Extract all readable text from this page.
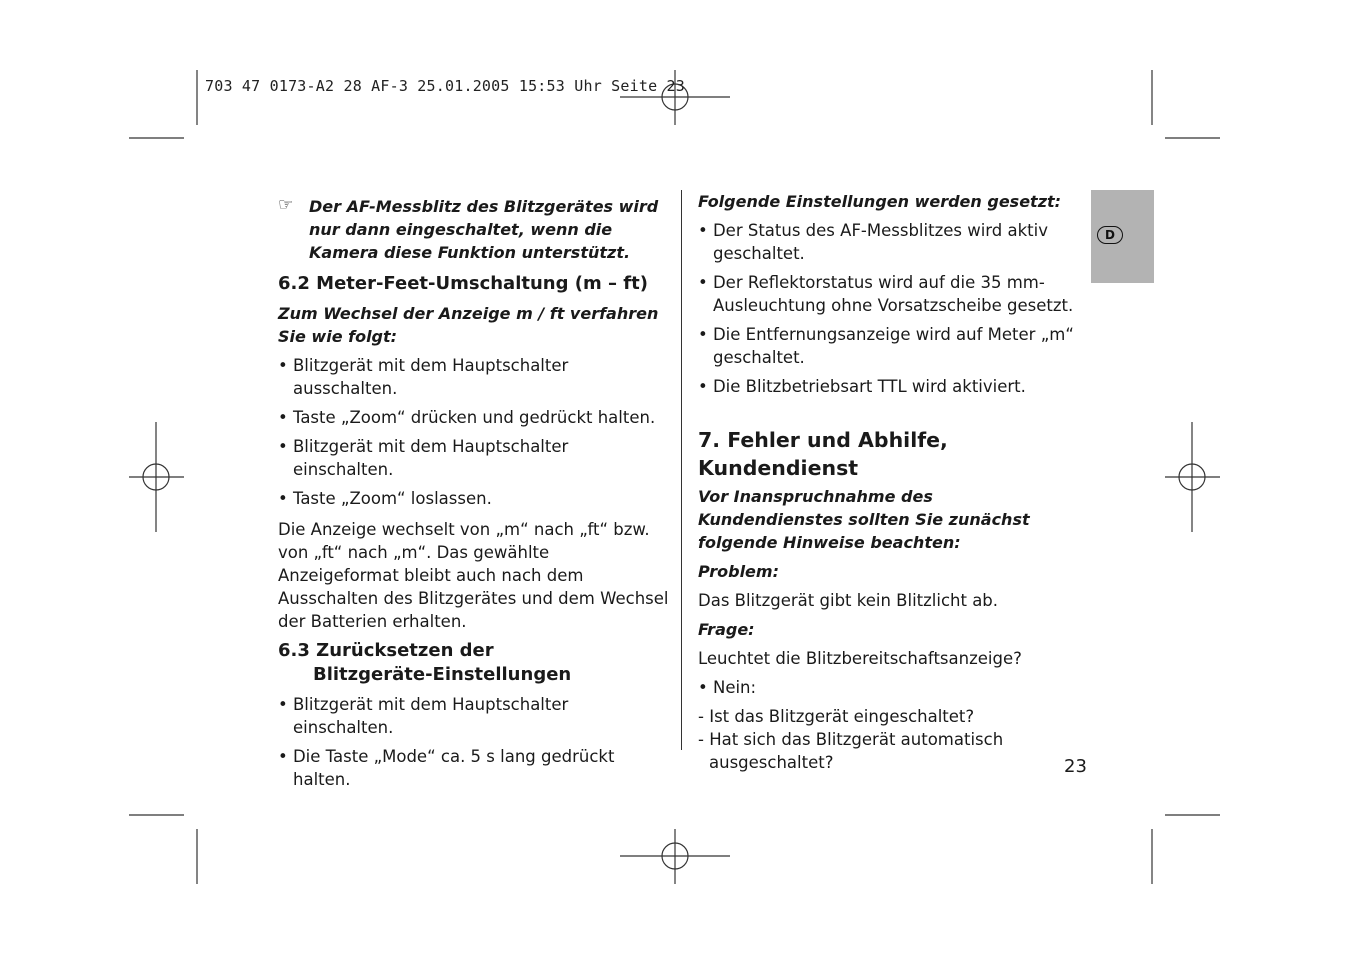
703 47 0173-A2 28 AF-3 25.01.2005 15:53 Uhr Seite 23
D
☞ Der AF-Messblitz des Blitzgerätes wird nur dann eingeschaltet, wenn die Kamera diese Funktion unterstützt.

6.2 Meter-Feet-Umschaltung (m – ft)

Zum Wechsel der Anzeige m / ft verfahren Sie wie folgt:

• Blitzgerät mit dem Hauptschalter ausschalten.

• Taste „Zoom“ drücken und gedrückt halten.

• Blitzgerät mit dem Hauptschalter einschalten.

• Taste „Zoom“ loslassen.

Die Anzeige wechselt von „m“ nach „ft“ bzw. von „ft“ nach „m“. Das gewählte Anzeigeformat bleibt auch nach dem Ausschalten des Blitzgerätes und dem Wechsel der Batterien erhalten.

6.3 Zurücksetzen der
Blitzgeräte-Einstellungen

• Blitzgerät mit dem Hauptschalter einschalten.

• Die Taste „Mode“ ca. 5 s lang gedrückt halten.

Folgende Einstellungen werden gesetzt:

• Der Status des AF-Messblitzes wird aktiv geschaltet.

• Der Reflektorstatus wird auf die 35 mm-Ausleuchtung ohne Vorsatzscheibe gesetzt.

• Die Entfernungsanzeige wird auf Meter „m“ geschaltet.

• Die Blitzbetriebsart TTL wird aktiviert.

7. Fehler und Abhilfe, Kundendienst

Vor Inanspruchnahme des Kundendienstes sollten Sie zunächst folgende Hinweise beachten:

Problem:

Das Blitzgerät gibt kein Blitzlicht ab.

Frage:

Leuchtet die Blitzbereitschaftsanzeige?

• Nein:

- Ist das Blitzgerät eingeschaltet?

- Hat sich das Blitzgerät automatisch ausgeschaltet?	23
